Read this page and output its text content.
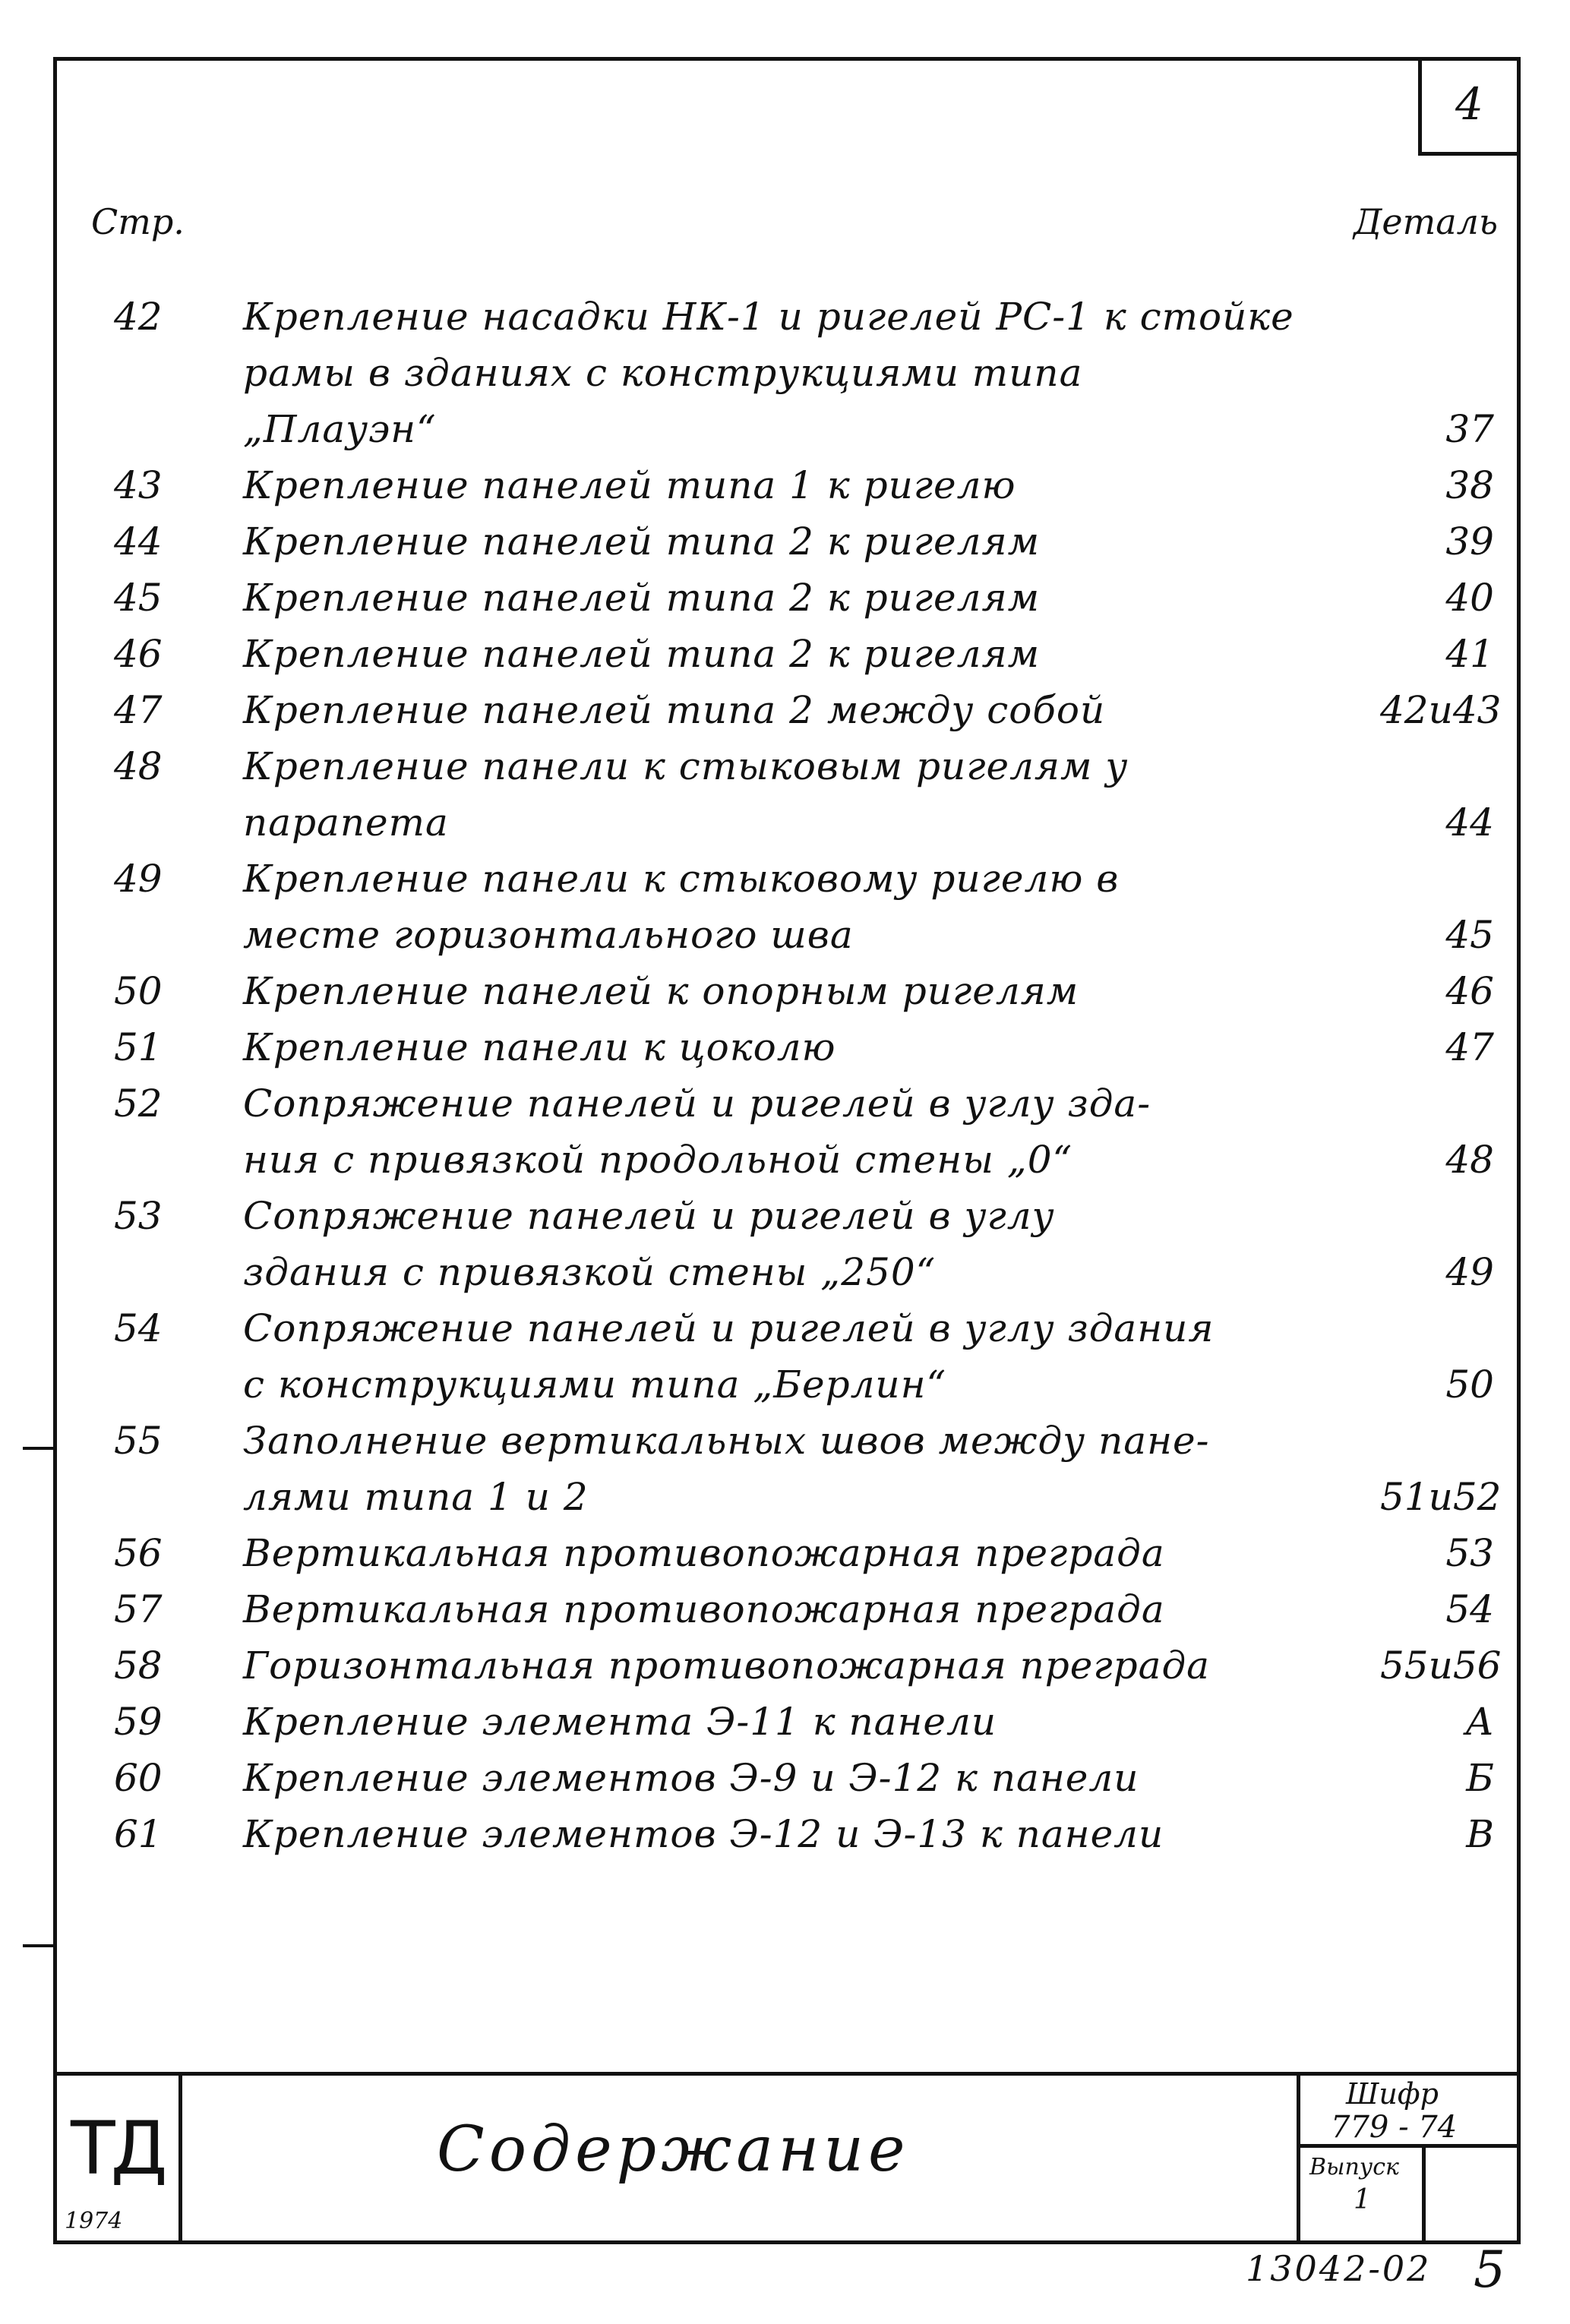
4
Стр.	Деталь
42	Крепление насадки НК-1 и ригелей РС-1 к стойке
рамы в зданиях с конструкциями типа
„Плауэн“	37
43	Крепление панелей типа 1 к ригелю	38
44	Крепление панелей типа 2 к ригелям	39
45	Крепление панелей типа 2 к ригелям	40
46	Крепление панелей типа 2 к ригелям	41
47	Крепление панелей типа 2 между собой	42и43
48	Крепление панели к стыковым ригелям у
парапета	44
49	Крепление панели к стыковому ригелю в
месте горизонтального шва	45
50	Крепление панелей к опорным ригелям	46
51	Крепление панели к цоколю	47
52	Сопряжение панелей и ригелей в углу зда-
ния с привязкой продольной стены „0“	48
53	Сопряжение панелей и ригелей в углу
здания с привязкой стены „250“	49
54	Сопряжение панелей и ригелей в углу здания
с конструкциями типа „Берлин“	50
55	Заполнение вертикальных швов между пане-
лями типа 1 и 2	51и52
56	Вертикальная противопожарная преграда	53
57	Вертикальная противопожарная преграда	54
58	Горизонтальная противопожарная преграда	55и56
59	Крепление элемента Э-11 к панели	А
60	Крепление элементов Э-9 и Э-12 к панели	Б
61	Крепление элементов Э-12 и Э-13 к панели	В
ТД
1974
Содержание
Шифр
779 - 74
Выпуск
1
13042-02 5
